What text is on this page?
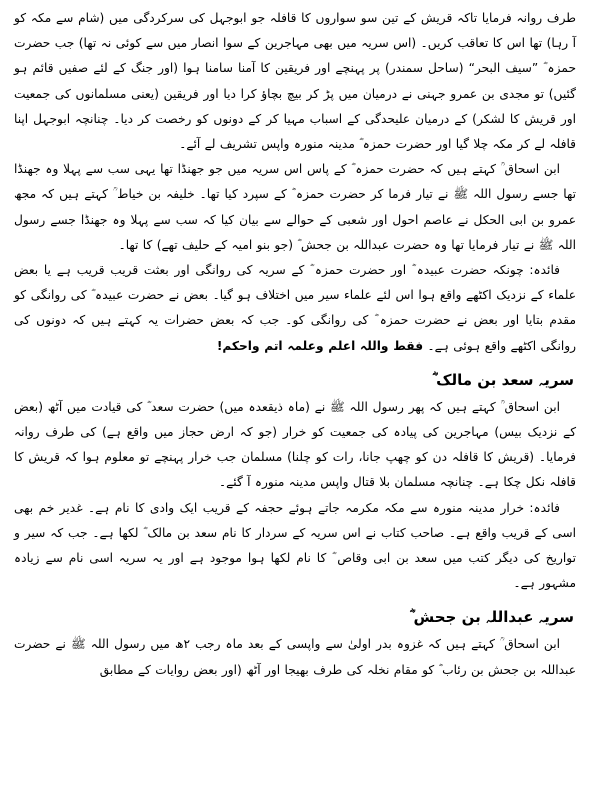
طرف روانہ فرمایا تاکہ قریش کے تین سو سواروں کا قافلہ جو ابوجہل کی سرکردگی میں (شام سے مکہ کو آ رہا) تھا اس کا تعاقب کریں۔ (اس سریہ میں بھی مہاجرین کے سوا انصار میں سے کوئی نہ تھا) جب حضرت حمزہ ؓ ”سیف البحر“ (ساحل سمندر) پر پہنچے اور فریقین کا آمنا سامنا ہوا (اور جنگ کے لئے صفیں قائم ہو گئیں) تو مجدی بن عمرو جہنی نے درمیان میں پڑ کر بیچ بچاؤ کرا دیا اور فریقین (یعنی مسلمانوں کی جمعیت اور قریش کا لشکر) کے درمیان علیحدگی کے اسباب مہیا کر کے دونوں کو رخصت کر دیا۔ چنانچہ ابوجہل اپنا قافلہ لے کر مکہ چلا گیا اور حضرت حمزہ ؓ مدینہ منورہ واپس تشریف لے آئے۔

ابن اسحاق ؒ کہتے ہیں کہ حضرت حمزہ ؓ کے پاس اس سریہ میں جو جھنڈا تھا یہی سب سے پہلا وہ جھنڈا تھا جسے رسول اللہ ﷺ نے تیار فرما کر حضرت حمزہ ؓ کے سپرد کیا تھا۔ خلیفہ بن خیاط ؒ کہتے ہیں کہ مجھ عمرو بن ابی الحکل نے عاصم احول اور شعبی کے حوالے سے بیان کیا کہ سب سے پہلا وہ جھنڈا جسے رسول اللہ ﷺ نے تیار فرمایا تھا وہ حضرت عبداللہ بن جحش ؓ (جو بنو امیہ کے حلیف تھے) کا تھا۔

فائدہ: چونکہ حضرت عبیدہ ؓ اور حضرت حمزہ ؓ کے سریہ کی روانگی اور بعثت قریب قریب ہے یا بعض علماء کے نزدیک اکٹھے واقع ہوا اس لئے علماء سیر میں اختلاف ہو گیا۔ بعض نے حضرت عبیدہ ؓ کی روانگی کو مقدم بتایا اور بعض نے حضرت حمزہ ؓ کی روانگی کو۔ جب کہ بعض حضرات یہ کہتے ہیں کہ دونوں کی روانگی اکٹھے واقع ہوئی ہے۔ فقط واللہ اعلم وعلمہ اتم واحکم!

سریہ سعد بن مالک ؓ

ابن اسحاق ؒ کہتے ہیں کہ پھر رسول اللہ ﷺ نے (ماہ ذیقعدہ میں) حضرت سعد ؓ کی قیادت میں آٹھ (بعض کے نزدیک بیس) مہاجرین کی پیادہ کی جمعیت کو خرار (جو کہ ارض حجاز میں واقع ہے) کی طرف روانہ فرمایا۔ (قریش کا قافلہ دن کو چھپ جانا، رات کو چلنا) مسلمان جب خرار پہنچے تو معلوم ہوا کہ قریش کا قافلہ نکل چکا ہے۔ چنانچہ مسلمان بلا قتال واپس مدینہ منورہ آ گئے۔

فائدہ: خرار مدینہ منورہ سے مکہ مکرمہ جاتے ہوئے حجفہ کے قریب ایک وادی کا نام ہے۔ غدیر خم بھی اسی کے قریب واقع ہے۔ صاحب کتاب نے اس سریہ کے سردار کا نام سعد بن مالک ؓ لکھا ہے۔ جب کہ سیر و تواریخ کی دیگر کتب میں سعد بن ابی وقاص ؓ کا نام لکھا ہوا موجود ہے اور یہ سریہ اسی نام سے زیادہ مشہور ہے۔

سریہ عبداللہ بن جحش ؓ

ابن اسحاق ؒ کہتے ہیں کہ غزوہ بدر اولیٰ سے واپسی کے بعد ماہ رجب ۲ھ میں رسول اللہ ﷺ نے حضرت عبداللہ بن جحش بن رئاب ؓ کو مقام نخلہ کی طرف بھیجا اور آٹھ (اور بعض روایات کے مطابق
